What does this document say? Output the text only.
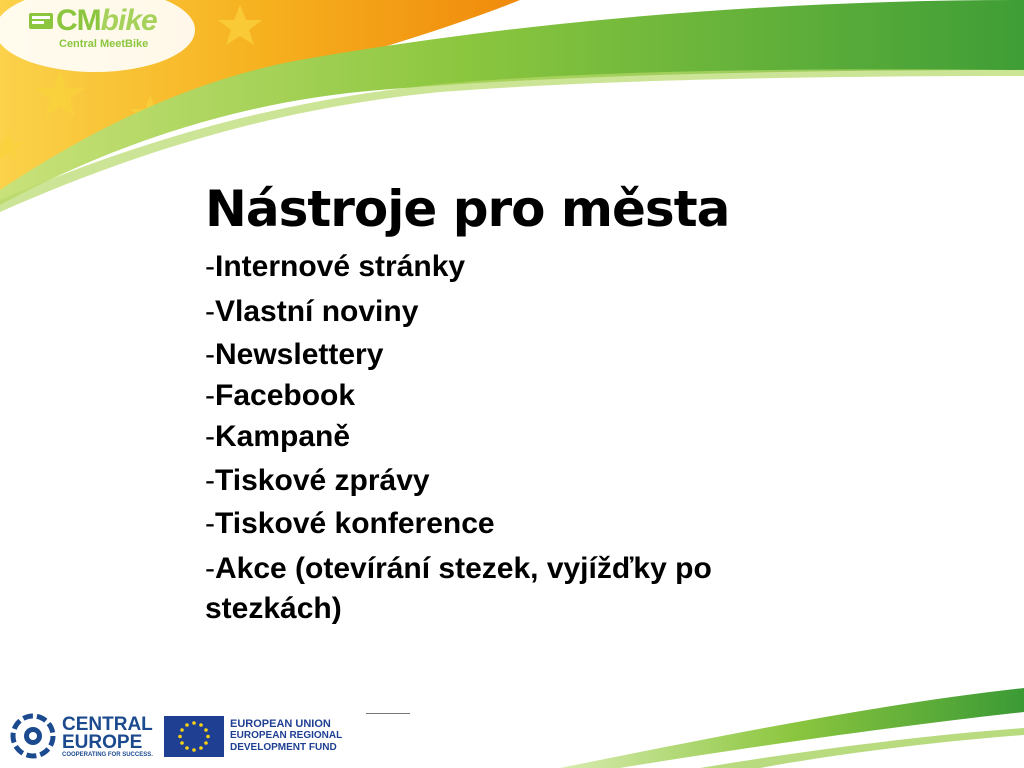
CMbike
Central MeetBike
Nástroje pro města
-Internové stránky
-Vlastní noviny
-Newslettery
-Facebook
-Kampaně
-Tiskové zprávy
-Tiskové konference
-Akce (otevírání stezek, vyjížďky po stezkách)
CENTRAL
EUROPE
COOPERATING FOR SUCCESS.
EUROPEAN UNION
EUROPEAN REGIONAL
DEVELOPMENT FUND
